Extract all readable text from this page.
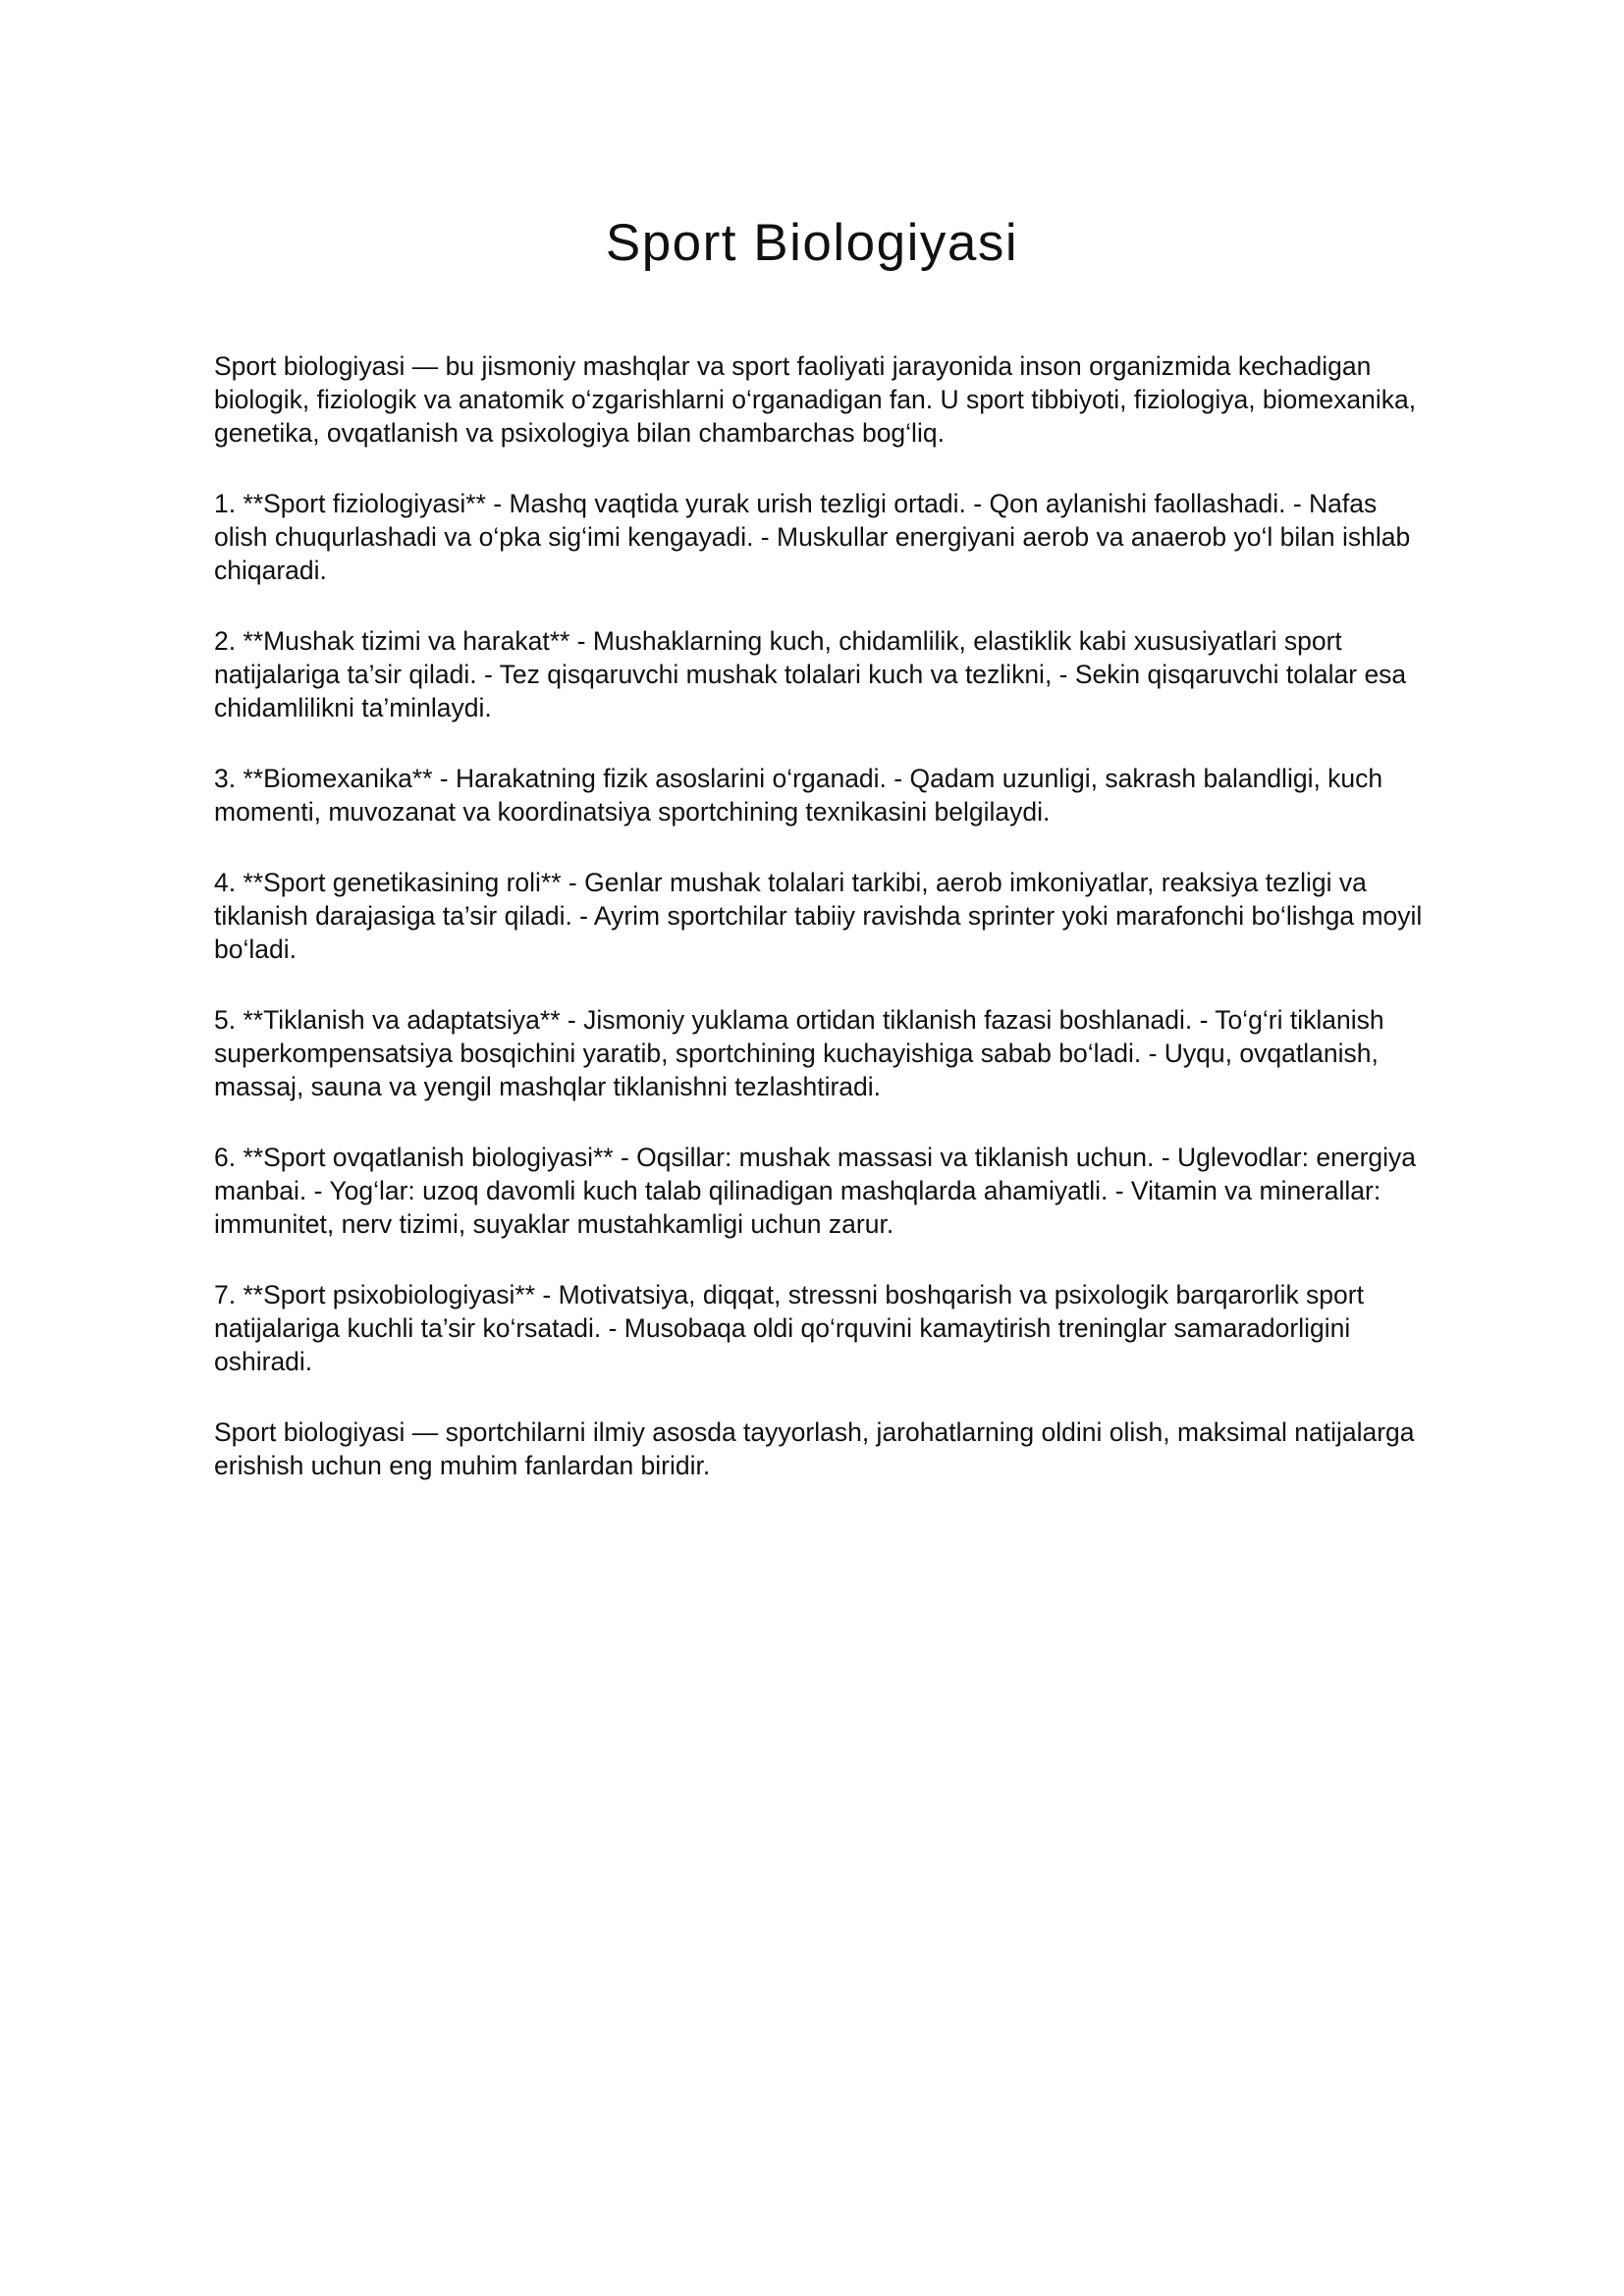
Sport Biologiyasi

Sport biologiyasi — bu jismoniy mashqlar va sport faoliyati jarayonida inson organizmida kechadigan biologik, fiziologik va anatomik o‘zgarishlarni o‘rganadigan fan. U sport tibbiyoti, fiziologiya, biomexanika, genetika, ovqatlanish va psixologiya bilan chambarchas bog‘liq.

1. **Sport fiziologiyasi** - Mashq vaqtida yurak urish tezligi ortadi. - Qon aylanishi faollashadi. - Nafas olish chuqurlashadi va o‘pka sig‘imi kengayadi. - Muskullar energiyani aerob va anaerob yo‘l bilan ishlab chiqaradi.

2. **Mushak tizimi va harakat** - Mushaklarning kuch, chidamlilik, elastiklik kabi xususiyatlari sport natijalariga ta’sir qiladi. - Tez qisqaruvchi mushak tolalari kuch va tezlikni, - Sekin qisqaruvchi tolalar esa chidamlilikni ta’minlaydi.

3. **Biomexanika** - Harakatning fizik asoslarini o‘rganadi. - Qadam uzunligi, sakrash balandligi, kuch momenti, muvozanat va koordinatsiya sportchining texnikasini belgilaydi.

4. **Sport genetikasining roli** - Genlar mushak tolalari tarkibi, aerob imkoniyatlar, reaksiya tezligi va tiklanish darajasiga ta’sir qiladi. - Ayrim sportchilar tabiiy ravishda sprinter yoki marafonchi bo‘lishga moyil bo‘ladi.

5. **Tiklanish va adaptatsiya** - Jismoniy yuklama ortidan tiklanish fazasi boshlanadi. - To‘g‘ri tiklanish superkompensatsiya bosqichini yaratib, sportchining kuchayishiga sabab bo‘ladi. - Uyqu, ovqatlanish, massaj, sauna va yengil mashqlar tiklanishni tezlashtiradi.

6. **Sport ovqatlanish biologiyasi** - Oqsillar: mushak massasi va tiklanish uchun. - Uglevodlar: energiya manbai. - Yog‘lar: uzoq davomli kuch talab qilinadigan mashqlarda ahamiyatli. - Vitamin va minerallar: immunitet, nerv tizimi, suyaklar mustahkamligi uchun zarur.

7. **Sport psixobiologiyasi** - Motivatsiya, diqqat, stressni boshqarish va psixologik barqarorlik sport natijalariga kuchli ta’sir ko‘rsatadi. - Musobaqa oldi qo‘rquvini kamaytirish treninglar samaradorligini oshiradi.

Sport biologiyasi — sportchilarni ilmiy asosda tayyorlash, jarohatlarning oldini olish, maksimal natijalarga erishish uchun eng muhim fanlardan biridir.
